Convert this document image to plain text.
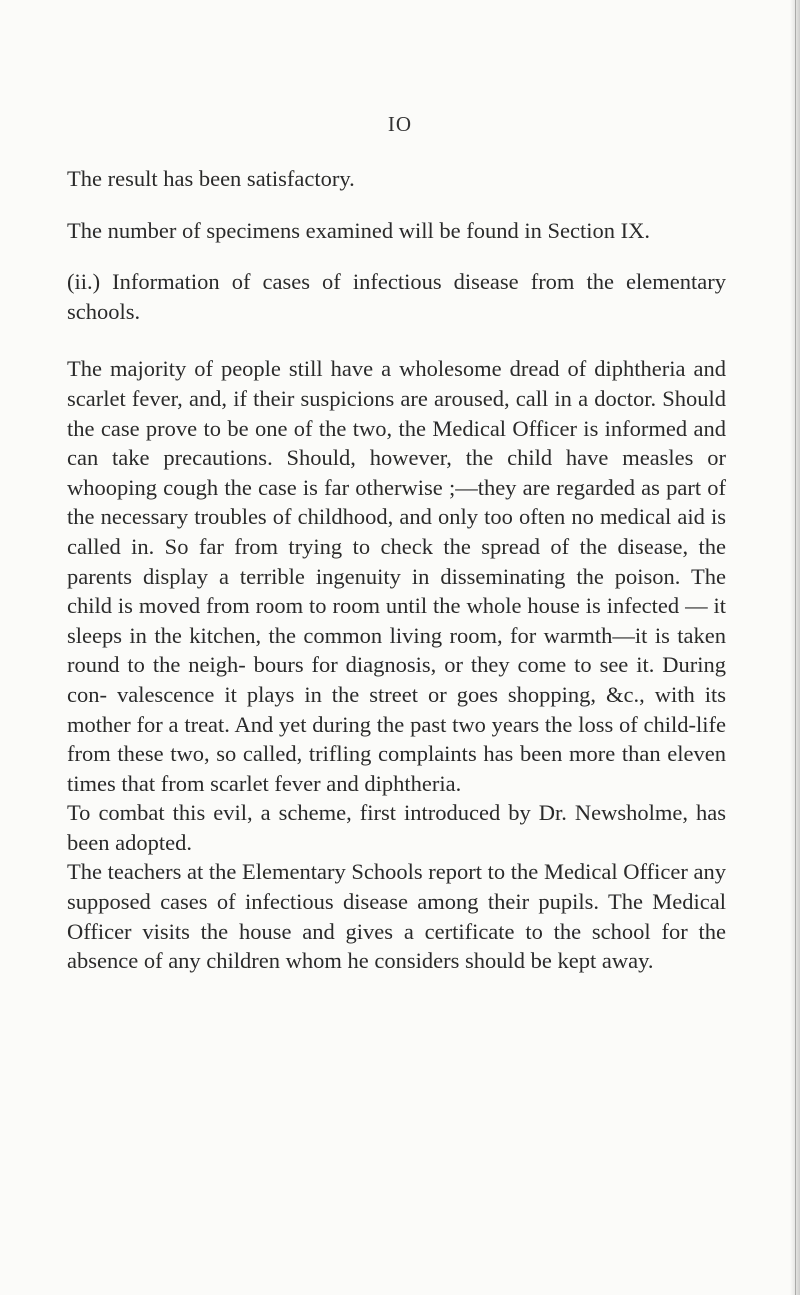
IO

The result has been satisfactory.

The number of specimens examined will be found in Section IX.

(ii.) Information of cases of infectious disease from the elementary schools.

The majority of people still have a wholesome dread of diphtheria and scarlet fever, and, if their suspicions are aroused, call in a doctor. Should the case prove to be one of the two, the Medical Officer is informed and can take precautions. Should, however, the child have measles or whooping cough the case is far otherwise ;—they are regarded as part of the necessary troubles of childhood, and only too often no medical aid is called in. So far from trying to check the spread of the disease, the parents display a terrible ingenuity in disseminating the poison. The child is moved from room to room until the whole house is infected — it sleeps in the kitchen, the common living room, for warmth—it is taken round to the neigh- bours for diagnosis, or they come to see it. During con- valescence it plays in the street or goes shopping, &c., with its mother for a treat. And yet during the past two years the loss of child-life from these two, so called, trifling complaints has been more than eleven times that from scarlet fever and diphtheria.

To combat this evil, a scheme, first introduced by Dr. Newsholme, has been adopted.

The teachers at the Elementary Schools report to the Medical Officer any supposed cases of infectious disease among their pupils. The Medical Officer visits the house and gives a certificate to the school for the absence of any children whom he considers should be kept away.
